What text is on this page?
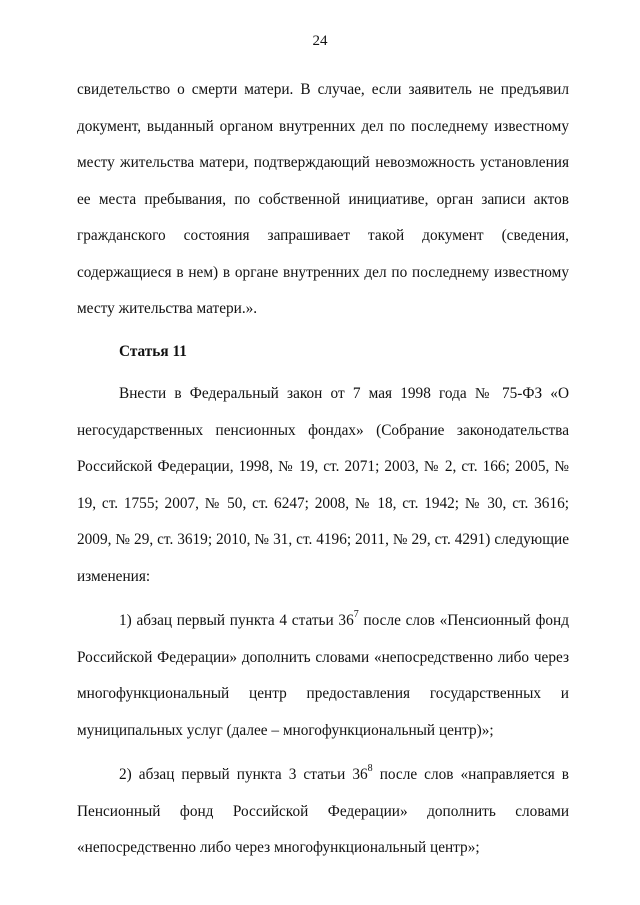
24

свидетельство о смерти матери. В случае, если заявитель не предъявил документ, выданный органом внутренних дел по последнему известному месту жительства матери, подтверждающий невозможность установления ее места пребывания, по собственной инициативе, орган записи актов гражданского состояния запрашивает такой документ (сведения, содержащиеся в нем) в органе внутренних дел по последнему известному месту жительства матери.».

Статья 11

Внести в Федеральный закон от 7 мая 1998 года № 75-ФЗ «О негосударственных пенсионных фондах» (Собрание законодательства Российской Федерации, 1998, № 19, ст. 2071; 2003, № 2, ст. 166; 2005, № 19, ст. 1755; 2007, № 50, ст. 6247; 2008, № 18, ст. 1942; № 30, ст. 3616; 2009, № 29, ст. 3619; 2010, № 31, ст. 4196; 2011, № 29, ст. 4291) следующие изменения:

1) абзац первый пункта 4 статьи $36^7$ после слов «Пенсионный фонд Российской Федерации» дополнить словами «непосредственно либо через многофункциональный центр предоставления государственных и муниципальных услуг (далее – многофункциональный центр)»;

2) абзац первый пункта 3 статьи $36^8$ после слов «направляется в Пенсионный фонд Российской Федерации» дополнить словами «непосредственно либо через многофункциональный центр»;
